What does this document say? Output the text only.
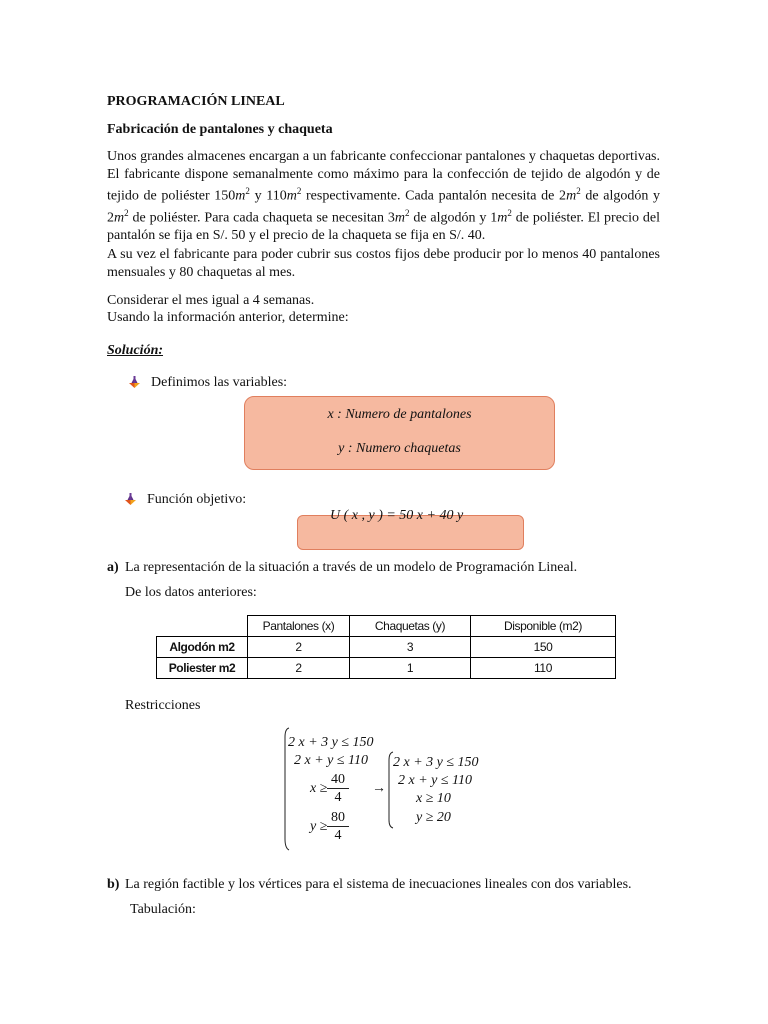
PROGRAMACIÓN LINEAL
Fabricación de pantalones y chaqueta
Unos grandes almacenes encargan a un fabricante confeccionar pantalones y chaquetas deportivas.
El fabricante dispone semanalmente como máximo para la confección de tejido de algodón y de
tejido de poliéster $150m^2$ y $110m^2$ respectivamente. Cada pantalón necesita de $2m^2$ de algodón y
$2m^2$ de poliéster. Para cada chaqueta se necesitan $3m^2$ de algodón y $1m^2$ de poliéster. El precio del
pantalón se fija en S/. 50 y el precio de la chaqueta se fija en S/. 40.
A su vez el fabricante para poder cubrir sus costos fijos debe producir por lo menos 40 pantalones
mensuales y 80 chaquetas al mes.
Considerar el mes igual a 4 semanas.
Usando la información anterior, determine:
Solución:
Definimos las variables:
x : Numero de pantalones
y : Numero chaquetas
Función objetivo:
U ( x , y ) = 50 x + 40 y
a) La representación de la situación a través de un modelo de Programación Lineal.
De los datos anteriores:
	Pantalones (x)	Chaquetas (y)	Disponible (m2)
Algodón m2	2	3	150
Poliester m2	2	1	110
Restricciones
2 x + 3 y ≤ 150
2 x + y ≤ 110
$x \ge \frac{40}{4}$
$y \ge \frac{80}{4}$
→
2 x + 3 y ≤ 150
2 x + y ≤ 110
x ≥ 10
y ≥ 20
b) La región factible y los vértices para el sistema de inecuaciones lineales con dos variables.
Tabulación:
